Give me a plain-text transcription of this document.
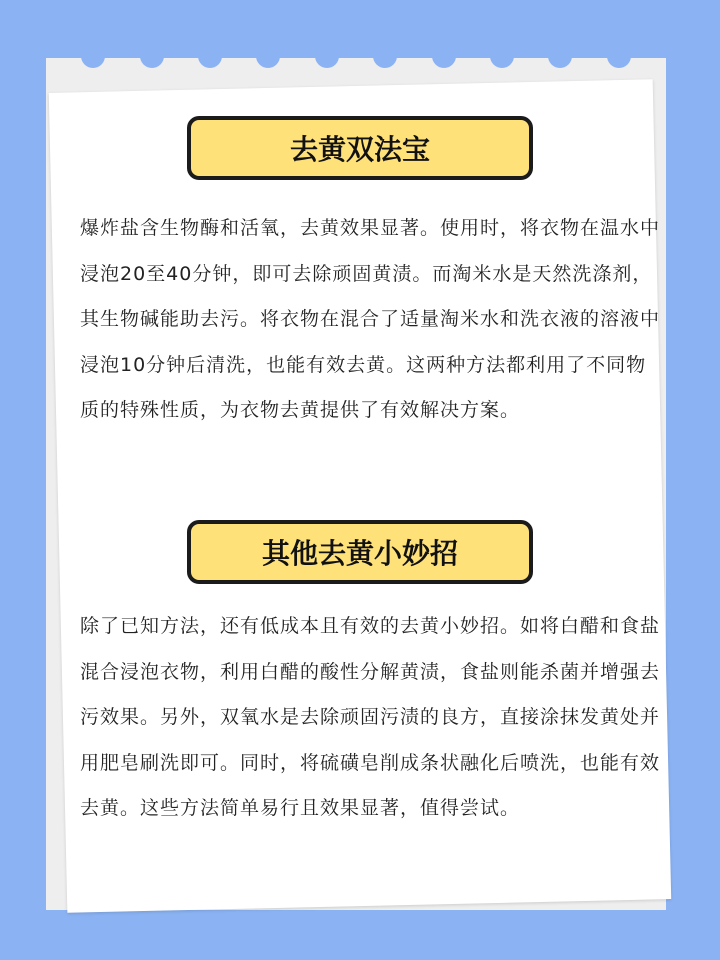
去黄双法宝
爆炸盐含生物酶和活氧，去黄效果显著。使用时，将衣物在温水中浸泡20至40分钟，即可去除顽固黄渍。而淘米水是天然洗涤剂，其生物碱能助去污。将衣物在混合了适量淘米水和洗衣液的溶液中浸泡10分钟后清洗，也能有效去黄。这两种方法都利用了不同物质的特殊性质，为衣物去黄提供了有效解决方案。
其他去黄小妙招
除了已知方法，还有低成本且有效的去黄小妙招。如将白醋和食盐混合浸泡衣物，利用白醋的酸性分解黄渍，食盐则能杀菌并增强去污效果。另外，双氧水是去除顽固污渍的良方，直接涂抹发黄处并用肥皂刷洗即可。同时，将硫磺皂削成条状融化后喷洗，也能有效去黄。这些方法简单易行且效果显著，值得尝试。
